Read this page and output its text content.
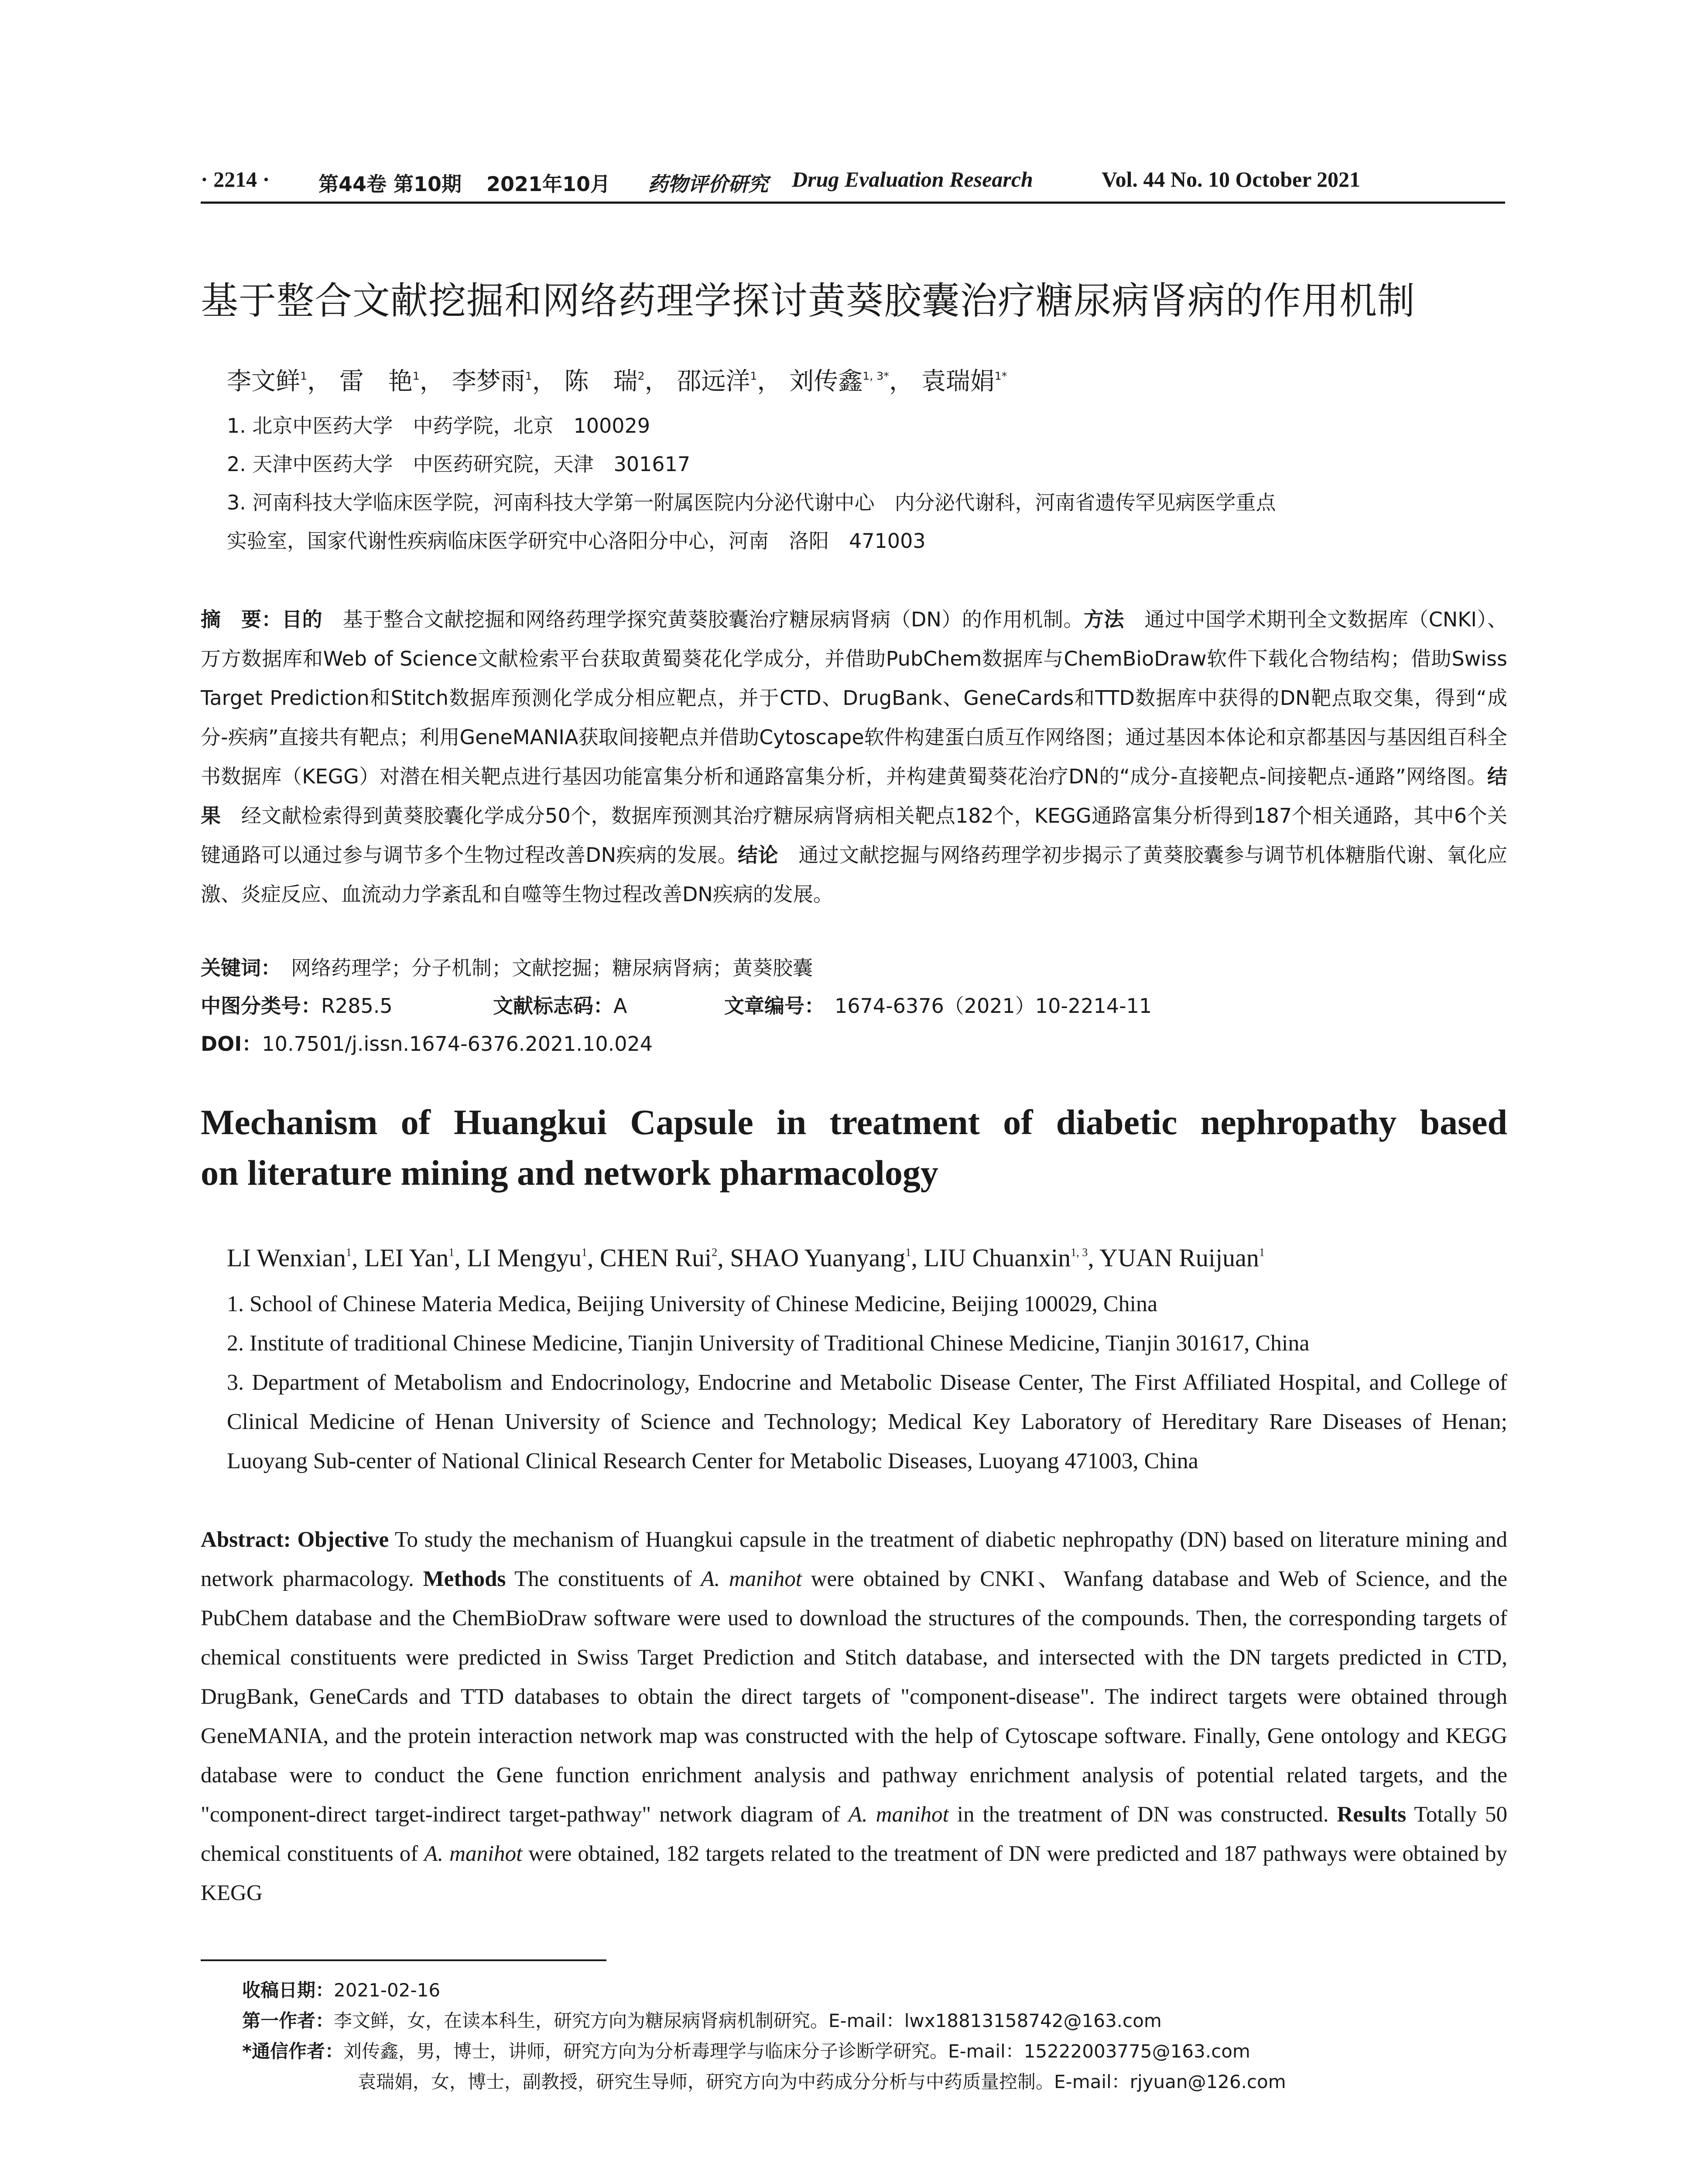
· 2214 · 第44卷 第10期 2021年10月 药物评价研究 Drug Evaluation Research	Vol. 44 No. 10 October 2021
基于整合文献挖掘和网络药理学探讨黄葵胶囊治疗糖尿病肾病的作用机制
李文鲜$^1$， 雷　艳$^1$， 李梦雨$^1$， 陈　瑞$^2$， 邵远洋$^1$， 刘传鑫$^{1, 3*}$， 袁瑞娟$^{1*}$
1. 北京中医药大学　中药学院，北京　100029
2. 天津中医药大学　中医药研究院，天津　301617
3. 河南科技大学临床医学院，河南科技大学第一附属医院内分泌代谢中心　内分泌代谢科，河南省遗传罕见病医学重点
实验室，国家代谢性疾病临床医学研究中心洛阳分中心，河南　洛阳　471003
摘　要：目的　 基于整合文献挖掘和网络药理学探究黄葵胶囊治疗糖尿病肾病（DN）的作用机制。方法　 通过中国学术期刊全文数据库（CNKI）、万方数据库和Web of Science文献检索平台获取黄蜀葵花化学成分，并借助PubChem数据库与ChemBioDraw软件下载化合物结构；借助Swiss Target Prediction和Stitch数据库预测化学成分相应靶点，并于CTD、DrugBank、GeneCards和TTD数据库中获得的DN靶点取交集，得到“成分-疾病”直接共有靶点；利用GeneMANIA获取间接靶点并借助Cytoscape软件构建蛋白质互作网络图；通过基因本体论和京都基因与基因组百科全书数据库（KEGG）对潜在相关靶点进行基因功能富集分析和通路富集分析，并构建黄蜀葵花治疗DN的“成分-直接靶点-间接靶点-通路”网络图。结果　 经文献检索得到黄葵胶囊化学成分50个，数据库预测其治疗糖尿病肾病相关靶点182个，KEGG通路富集分析得到187个相关通路，其中6个关键通路可以通过参与调节多个生物过程改善DN疾病的发展。结论　 通过文献挖掘与网络药理学初步揭示了黄葵胶囊参与调节机体糖脂代谢、氧化应激、炎症反应、血流动力学紊乱和自噬等生物过程改善DN疾病的发展。
关键词：　 网络药理学；分子机制；文献挖掘；糖尿病肾病；黄葵胶囊
中图分类号：R285.5	文献标志码：A	文章编号：　 1674-6376（2021）10-2214-11
DOI：10.7501/j.issn.1674-6376.2021.10.024
Mechanism of Huangkui Capsule in treatment of diabetic nephropathy based
on literature mining and network pharmacology
LI Wenxian$^1$, LEI Yan$^1$, LI Mengyu$^1$, CHEN Rui$^2$, SHAO Yuanyang$^1$, LIU Chuanxin$^{1, 3}$, YUAN Ruijuan$^1$
1. School of Chinese Materia Medica, Beijing University of Chinese Medicine, Beijing 100029, China
2. Institute of traditional Chinese Medicine, Tianjin University of Traditional Chinese Medicine, Tianjin 301617, China
3. Department of Metabolism and Endocrinology, Endocrine and Metabolic Disease Center, The First Affiliated Hospital, and College of Clinical Medicine of Henan University of Science and Technology; Medical Key Laboratory of Hereditary Rare Diseases of Henan; Luoyang Sub-center of National Clinical Research Center for Metabolic Diseases, Luoyang 471003, China
Abstract: Objective To study the mechanism of Huangkui capsule in the treatment of diabetic nephropathy (DN) based on literature mining and network pharmacology. Methods The constituents of A. manihot were obtained by CNKI、Wanfang database and Web of Science, and the PubChem database and the ChemBioDraw software were used to download the structures of the compounds. Then, the corresponding targets of chemical constituents were predicted in Swiss Target Prediction and Stitch database, and intersected with the DN targets predicted in CTD, DrugBank, GeneCards and TTD databases to obtain the direct targets of "component-disease". The indirect targets were obtained through GeneMANIA, and the protein interaction network map was constructed with the help of Cytoscape software. Finally, Gene ontology and KEGG database were to conduct the Gene function enrichment analysis and pathway enrichment analysis of potential related targets, and the "component-direct target-indirect target-pathway" network diagram of A. manihot in the treatment of DN was constructed. Results Totally 50 chemical constituents of A. manihot were obtained, 182 targets related to the treatment of DN were predicted and 187 pathways were obtained by KEGG
收稿日期：2021-02-16
第一作者：李文鲜，女，在读本科生，研究方向为糖尿病肾病机制研究。E-mail：lwx18813158742@163.com
*通信作者：刘传鑫，男，博士，讲师，研究方向为分析毒理学与临床分子诊断学研究。E-mail：15222003775@163.com
袁瑞娟，女，博士，副教授，研究生导师，研究方向为中药成分分析与中药质量控制。E-mail：rjyuan@126.com
